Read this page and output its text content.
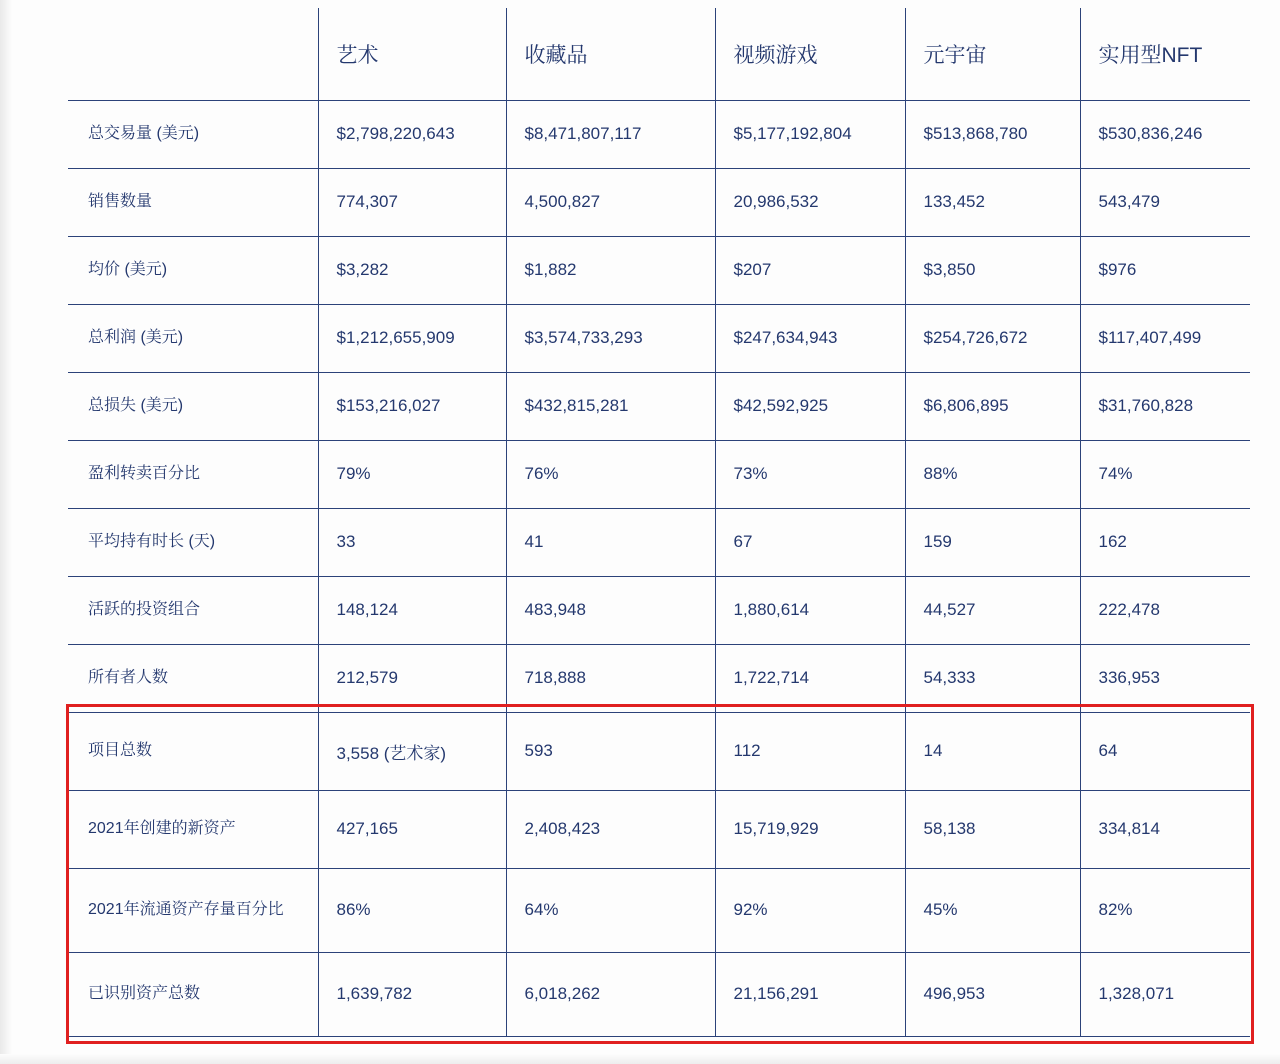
	艺术	收藏品	视频游戏	元宇宙	实用型NFT
总交易量 (美元)	$2,798,220,643	$8,471,807,117	$5,177,192,804	$513,868,780	$530,836,246
销售数量	774,307	4,500,827	20,986,532	133,452	543,479
均价 (美元)	$3,282	$1,882	$207	$3,850	$976
总利润 (美元)	$1,212,655,909	$3,574,733,293	$247,634,943	$254,726,672	$117,407,499
总损失 (美元)	$153,216,027	$432,815,281	$42,592,925	$6,806,895	$31,760,828
盈利转卖百分比	79%	76%	73%	88%	74%
平均持有时长 (天)	33	41	67	159	162
活跃的投资组合	148,124	483,948	1,880,614	44,527	222,478
所有者人数	212,579	718,888	1,722,714	54,333	336,953
项目总数	3,558 (艺术家)	593	112	14	64
2021年创建的新资产	427,165	2,408,423	15,719,929	58,138	334,814
2021年流通资产存量百分比	86%	64%	92%	45%	82%
已识别资产总数	1,639,782	6,018,262	21,156,291	496,953	1,328,071
